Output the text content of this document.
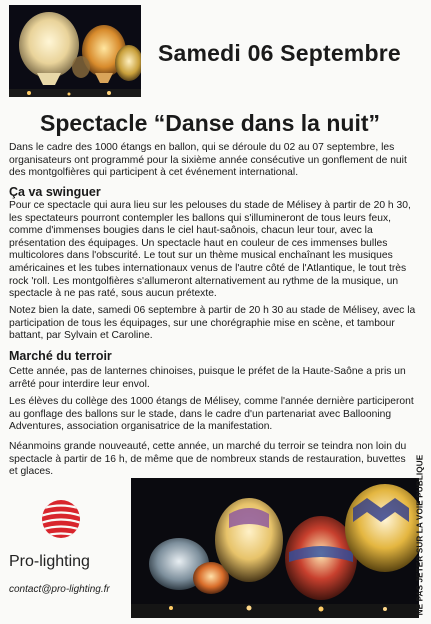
Samedi 06 Septembre
Spectacle “Danse dans la nuit”

Dans le cadre des 1000 étangs en ballon, qui se déroule du 02 au 07 septembre, les organisateurs ont programmé pour la sixième année consécutive un gonflement de nuit des montgolfières qui participent à cet événement international.

Ça va swinguer

Pour ce spectacle qui aura lieu sur les pelouses du stade de Mélisey à partir de 20 h 30, les spectateurs pourront contempler les ballons qui s'illumineront de tous leurs feux, comme d'immenses bougies dans le ciel haut-saônois, chacun leur tour, avec la présentation des équipages. Un spectacle haut en couleur de ces immenses bulles multicolores dans l'obscurité. Le tout sur un thème musical enchaînant les musiques américaines et les tubes internationaux venus de l'autre côté de l'Atlantique, le tout très rock 'roll. Les montgolfières s'allumeront alternativement au rythme de la musique, un spectacle à ne pas raté, sous aucun prétexte.

Notez bien la date, samedi 06 septembre à partir de 20 h 30 au stade de Mélisey, avec la participation de tous les équipages, sur une chorégraphie mise en scène, et tambour battant, par Sylvain et Caroline.

Marché du terroir

Cette année, pas de lanternes chinoises, puisque le préfet de la Haute-Saône a pris un arrêté pour interdire leur envol.

Les élèves du collège des 1000 étangs de Mélisey, comme l'année dernière participeront au gonflage des ballons sur le stade, dans le cadre d'un partenariat avec Ballooning Adventures, association organisatrice de la manifestation.

Néanmoins grande nouveauté, cette année, un marché du terroir se teindra non loin du spectacle à partir de 16 h, de même que de nombreux stands de restauration, buvettes et glaces.

Pro-lighting
contact@pro-lighting.fr	NE PAS JETER SUR LA VOIE PUBLIQUE
